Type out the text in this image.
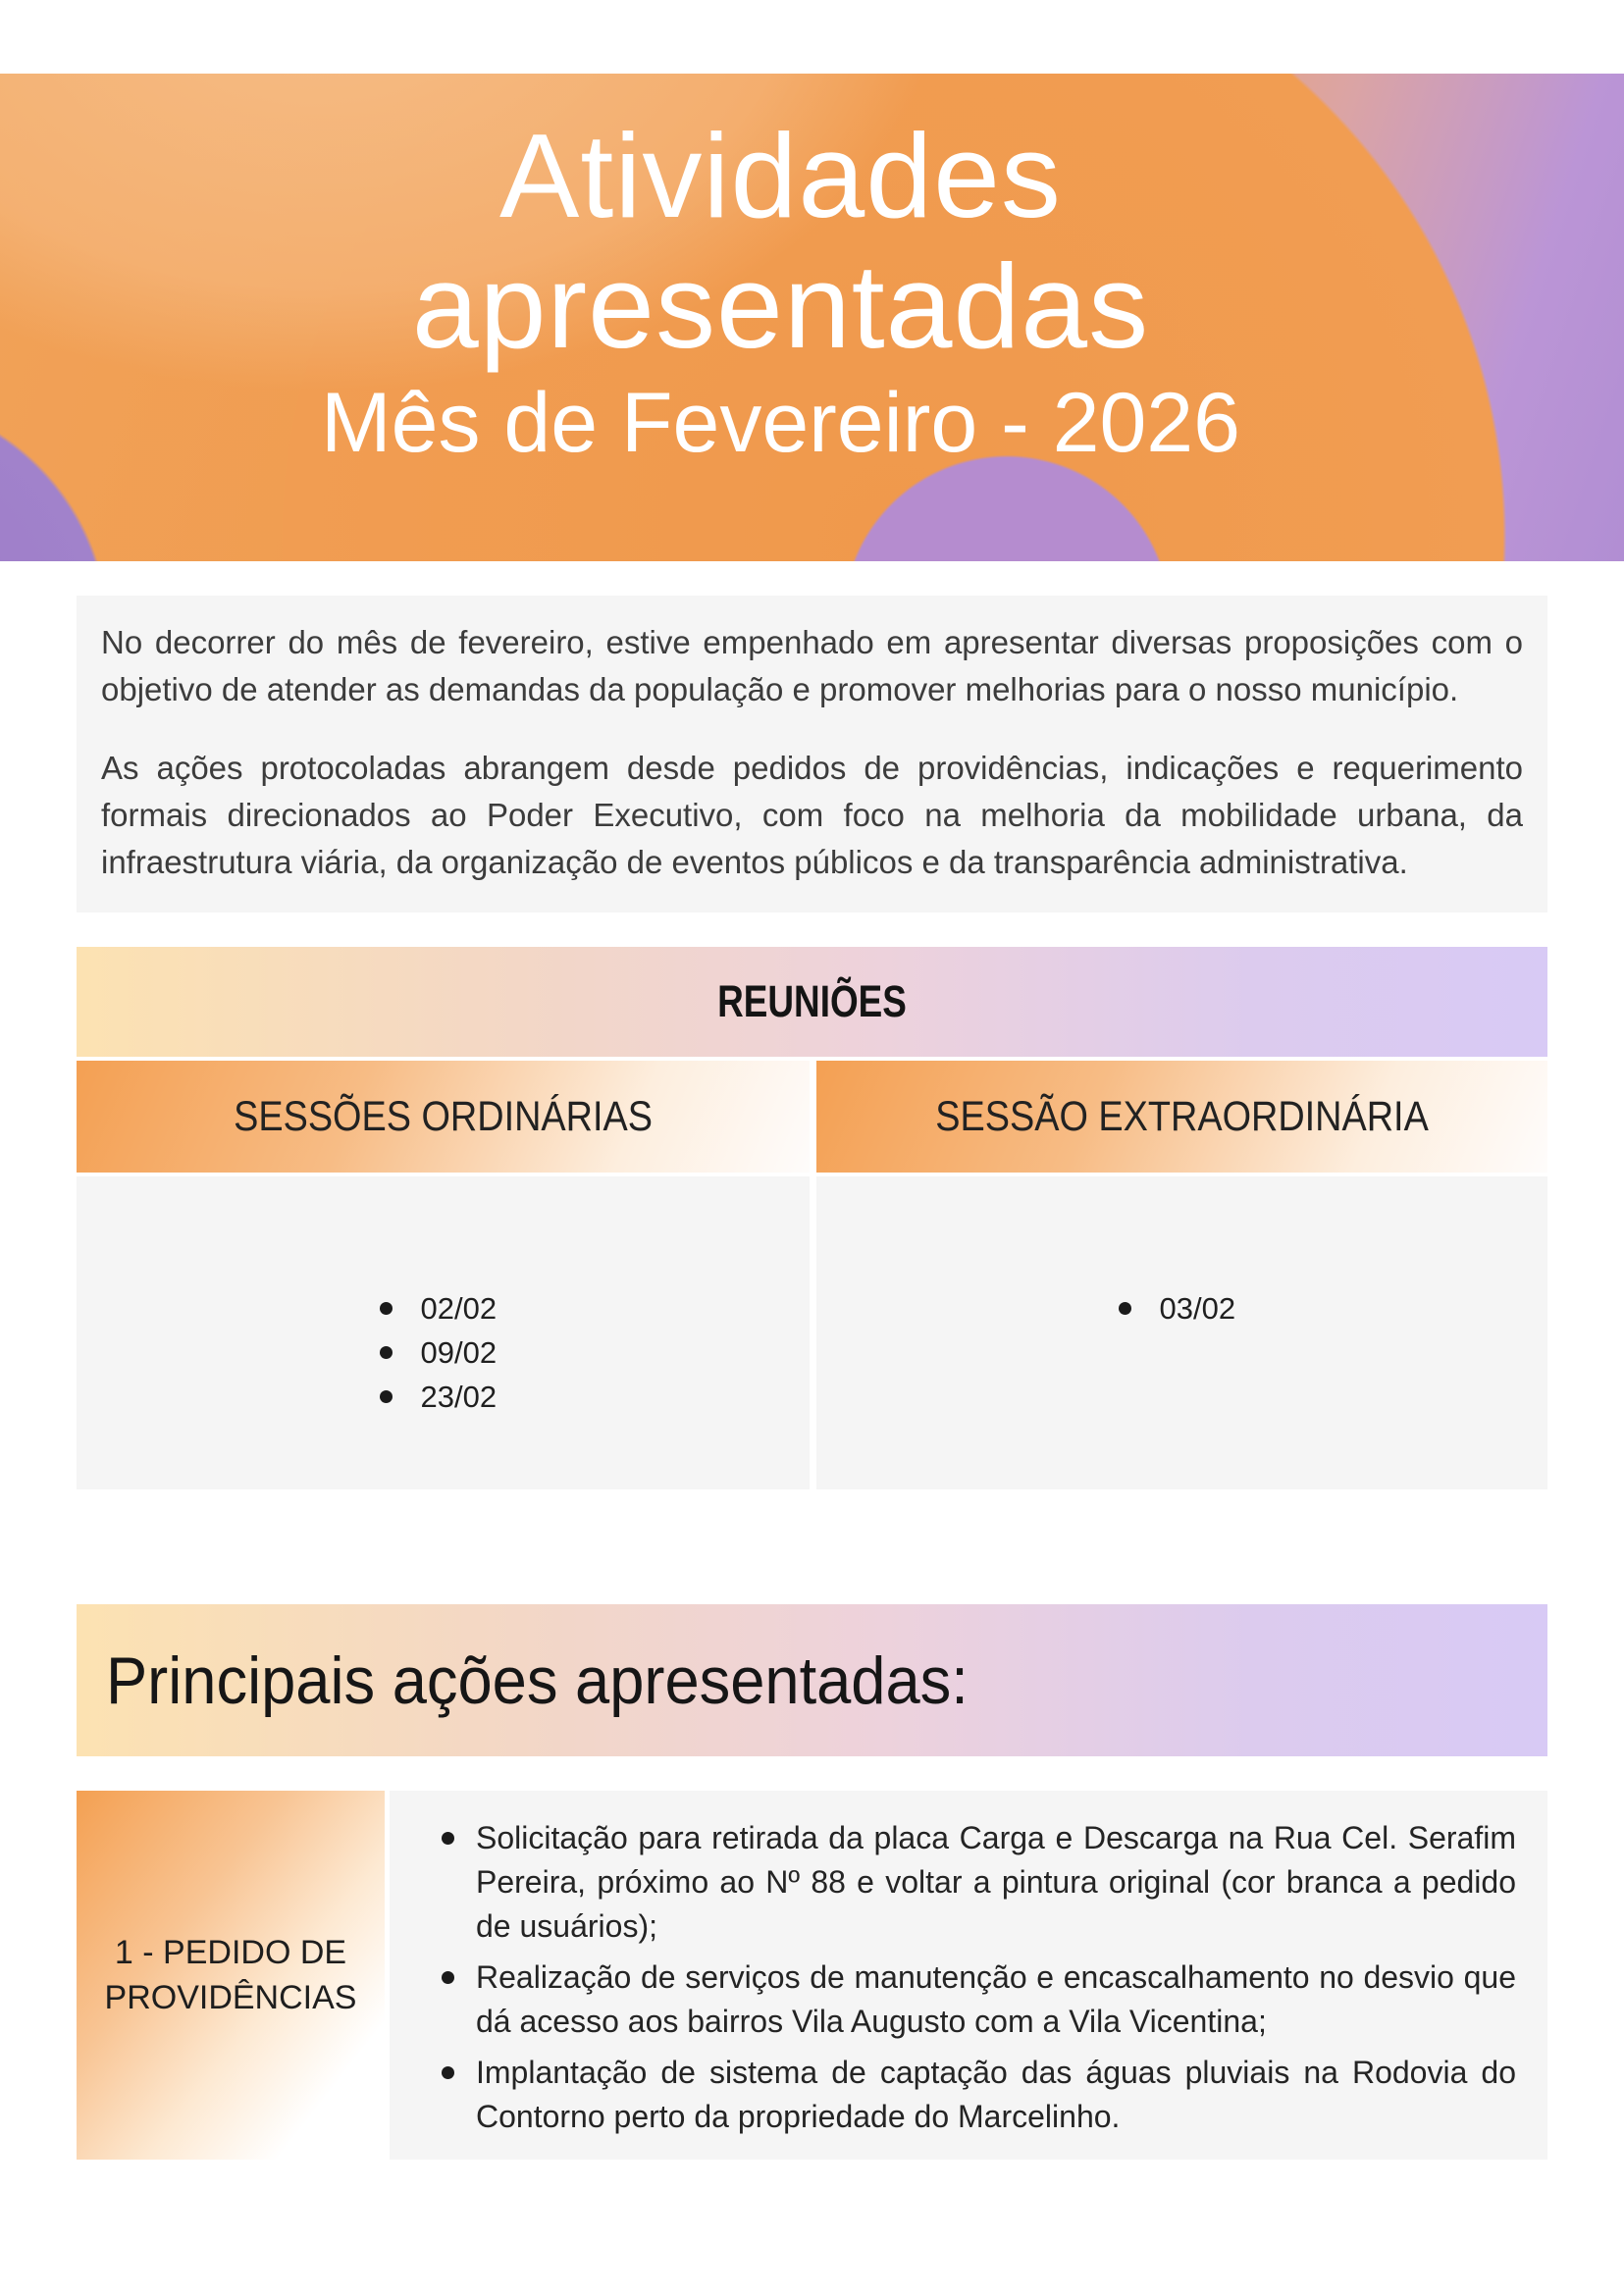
Atividades
apresentadas
Mês de Fevereiro - 2026

No decorrer do mês de fevereiro, estive empenhado em apresentar diversas proposições com o objetivo de atender as demandas da população e promover melhorias para o nosso município.

As ações protocoladas abrangem desde pedidos de providências, indicações e requerimento formais direcionados ao Poder Executivo, com foco na melhoria da mobilidade urbana, da infraestrutura viária, da organização de eventos públicos e da transparência administrativa.

REUNIÕES
SESSÕES ORDINÁRIAS	SESSÃO EXTRAORDINÁRIA
02/02
09/02
23/02
03/02
Principais ações apresentadas:
1 - PEDIDO DE PROVIDÊNCIAS
Solicitação para retirada da placa Carga e Descarga na Rua Cel. Serafim Pereira, próximo ao Nº 88 e voltar a pintura original (cor branca a pedido de usuários);
Realização de serviços de manutenção e encascalhamento no desvio que dá acesso aos bairros Vila Augusto com a Vila Vicentina;
Implantação de sistema de captação das águas pluviais na Rodovia do Contorno perto da propriedade do Marcelinho.
